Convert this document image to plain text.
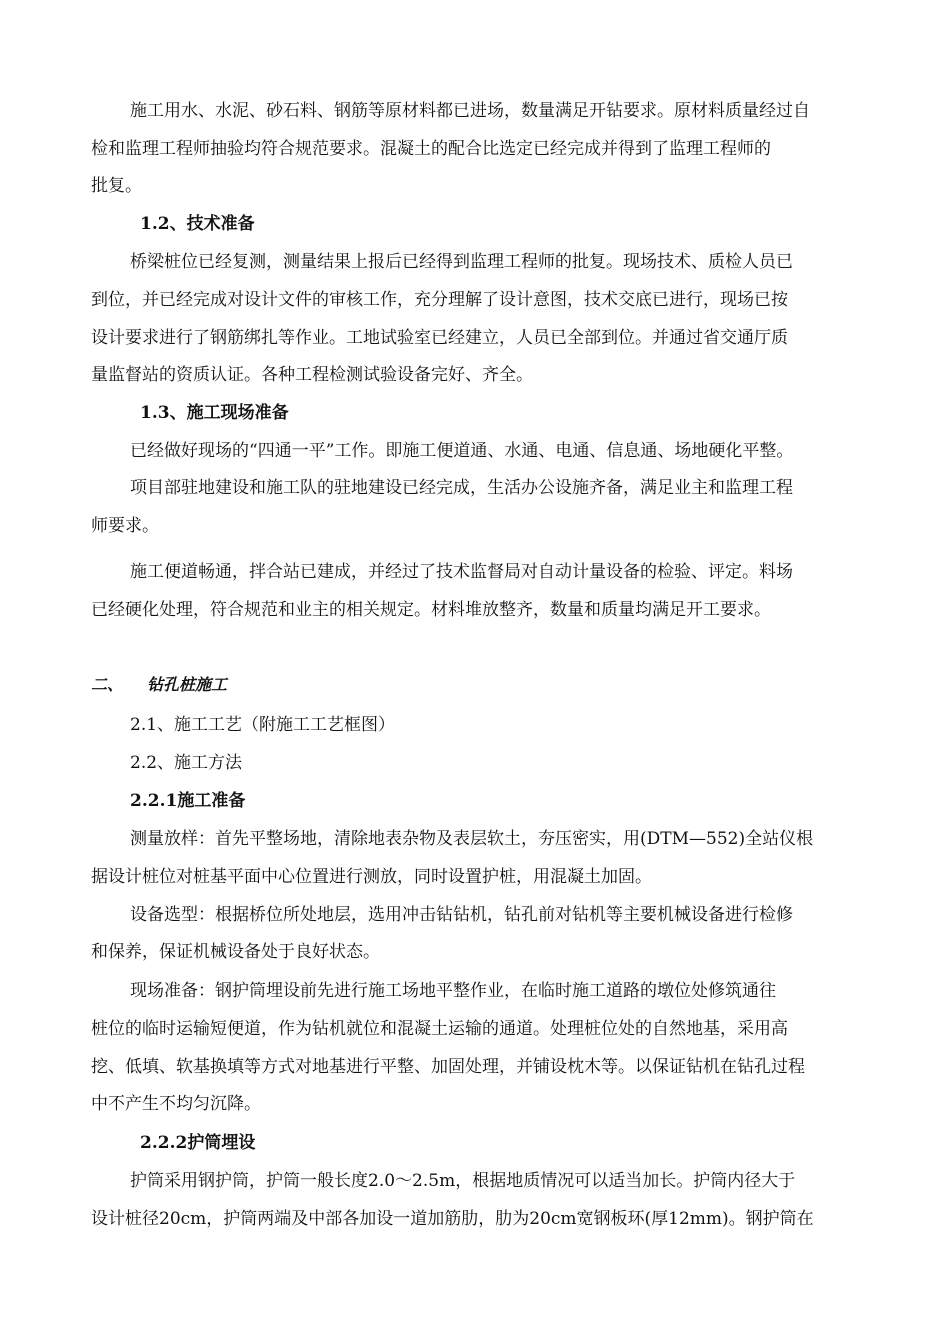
施工用水、水泥、砂石料、钢筋等原材料都已进场，数量满足开钻要求。原材料质量经过自
检和监理工程师抽验均符合规范要求。混凝土的配合比选定已经完成并得到了监理工程师的
批复。
1.2、技术准备
桥梁桩位已经复测，测量结果上报后已经得到监理工程师的批复。现场技术、质检人员已
到位，并已经完成对设计文件的审核工作，充分理解了设计意图，技术交底已进行，现场已按
设计要求进行了钢筋绑扎等作业。工地试验室已经建立，人员已全部到位。并通过省交通厅质
量监督站的资质认证。各种工程检测试验设备完好、齐全。
1.3、施工现场准备
已经做好现场的“四通一平”工作。即施工便道通、水通、电通、信息通、场地硬化平整。
项目部驻地建设和施工队的驻地建设已经完成，生活办公设施齐备，满足业主和监理工程
师要求。
施工便道畅通，拌合站已建成，并经过了技术监督局对自动计量设备的检验、评定。料场
已经硬化处理，符合规范和业主的相关规定。材料堆放整齐，数量和质量均满足开工要求。
二、	钻孔桩施工
2.1、施工工艺（附施工工艺框图）
2.2、施工方法
2.2.1施工准备
测量放样：首先平整场地，清除地表杂物及表层软土，夯压密实，用(DTM—552)全站仪根
据设计桩位对桩基平面中心位置进行测放，同时设置护桩，用混凝土加固。
设备选型：根据桥位所处地层，选用冲击钻钻机，钻孔前对钻机等主要机械设备进行检修
和保养，保证机械设备处于良好状态。
现场准备：钢护筒埋设前先进行施工场地平整作业，在临时施工道路的墩位处修筑通往
桩位的临时运输短便道，作为钻机就位和混凝土运输的通道。处理桩位处的自然地基，采用高
挖、低填、软基换填等方式对地基进行平整、加固处理，并铺设枕木等。以保证钻机在钻孔过程
中不产生不均匀沉降。
2.2.2护筒埋设
护筒采用钢护筒，护筒一般长度2.0～2.5m，根据地质情况可以适当加长。护筒内径大于
设计桩径20cm，护筒两端及中部各加设一道加筋肋，肋为20cm宽钢板环(厚12mm)。钢护筒在
